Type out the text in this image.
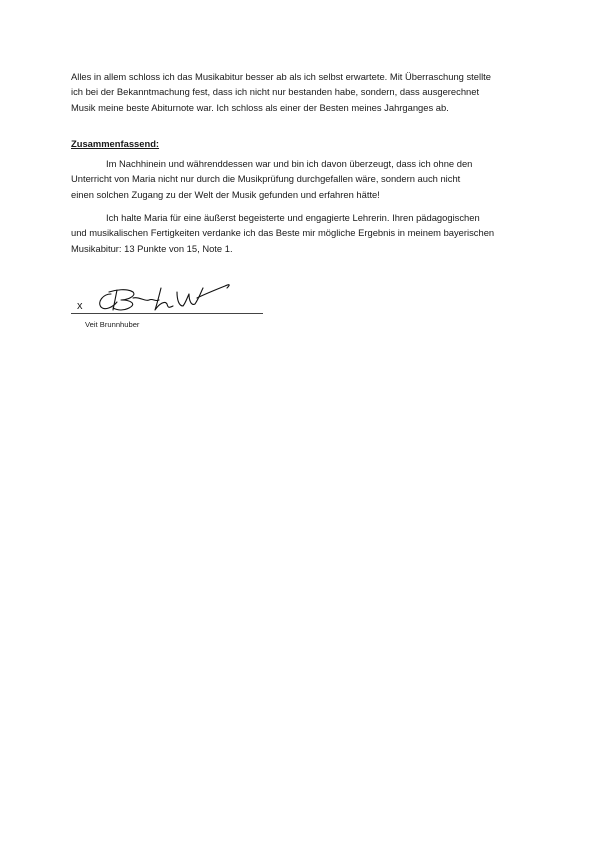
Alles in allem schloss ich das Musikabitur besser ab als ich selbst erwartete. Mit Überraschung stellte
ich bei der Bekanntmachung fest, dass ich nicht nur bestanden habe, sondern, dass ausgerechnet
Musik meine beste Abiturnote war. Ich schloss als einer der Besten meines Jahrganges ab.
Zusammenfassend:
Im Nachhinein und währenddessen war und bin ich davon überzeugt, dass ich ohne den
Unterricht von Maria nicht nur durch die Musikprüfung durchgefallen wäre, sondern auch nicht
einen solchen Zugang zu der Welt der Musik gefunden und erfahren hätte!
Ich halte Maria für eine äußerst begeisterte und engagierte Lehrerin. Ihren pädagogischen
und musikalischen Fertigkeiten verdanke ich das Beste mir mögliche Ergebnis in meinem bayerischen
Musikabitur: 13 Punkte von 15, Note 1.
x
Veit Brunnhuber
